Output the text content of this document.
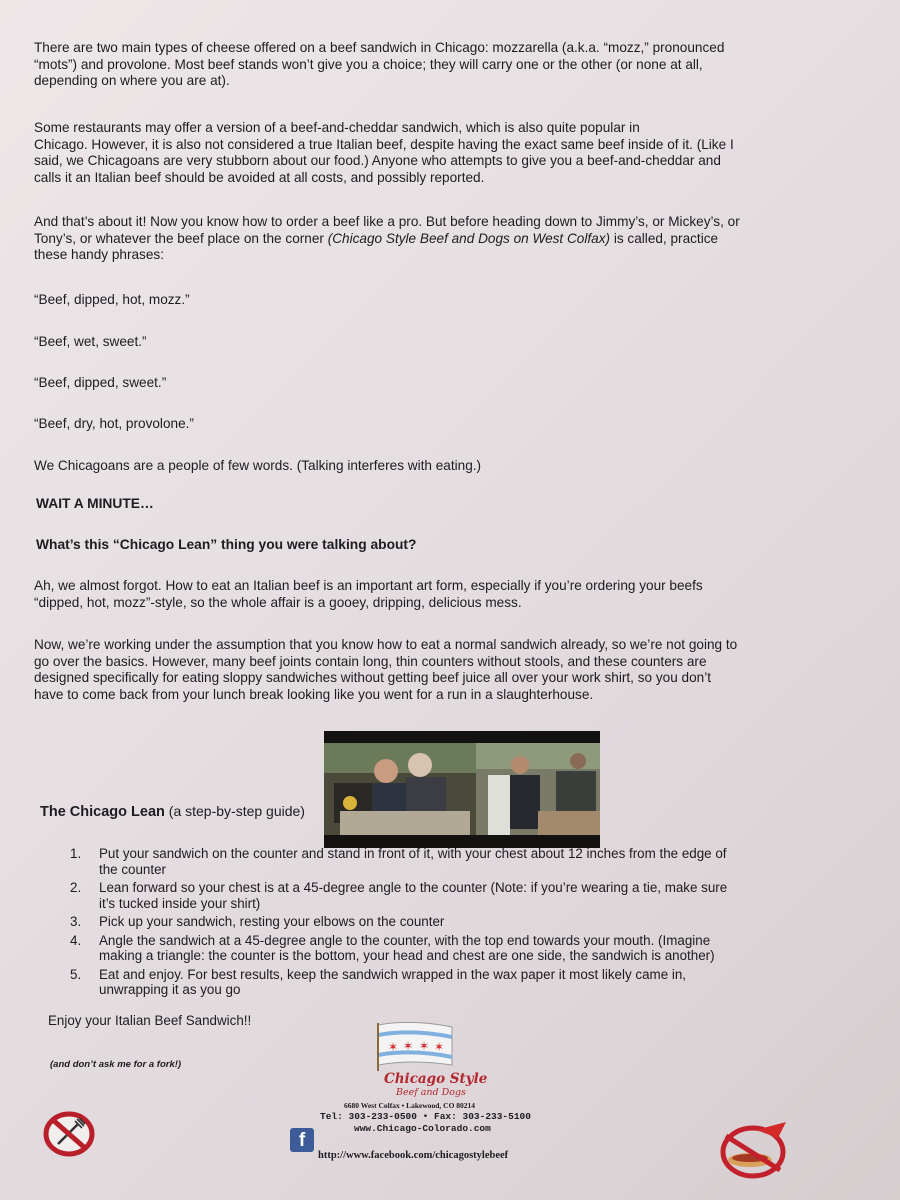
There are two main types of cheese offered on a beef sandwich in Chicago: mozzarella (a.k.a. “mozz,” pronounced
“mots”) and provolone. Most beef stands won’t give you a choice; they will carry one or the other (or none at all,
depending on where you are at).
Some restaurants may offer a version of a beef-and-cheddar sandwich, which is also quite popular in
Chicago. However, it is also not considered a true Italian beef, despite having the exact same beef inside of it. (Like I
said, we Chicagoans are very stubborn about our food.) Anyone who attempts to give you a beef-and-cheddar and
calls it an Italian beef should be avoided at all costs, and possibly reported.
And that’s about it! Now you know how to order a beef like a pro. But before heading down to Jimmy’s, or Mickey’s, or
Tony’s, or whatever the beef place on the corner (Chicago Style Beef and Dogs on West Colfax) is called, practice
these handy phrases:
“Beef, dipped, hot, mozz.”
“Beef, wet, sweet.”
“Beef, dipped, sweet.”
“Beef, dry, hot, provolone.”
We Chicagoans are a people of few words. (Talking interferes with eating.)
WAIT A MINUTE…
What’s this “Chicago Lean” thing you were talking about?
Ah, we almost forgot. How to eat an Italian beef is an important art form, especially if you’re ordering your beefs
“dipped, hot, mozz”-style, so the whole affair is a gooey, dripping, delicious mess.
Now, we’re working under the assumption that you know how to eat a normal sandwich already, so we’re not going to
go over the basics. However, many beef joints contain long, thin counters without stools, and these counters are
designed specifically for eating sloppy sandwiches without getting beef juice all over your work shirt, so you don’t
have to come back from your lunch break looking like you went for a run in a slaughterhouse.
The Chicago Lean (a step-by-step guide)
1. Put your sandwich on the counter and stand in front of it, with your chest about 12 inches from the edge of
the counter
2. Lean forward so your chest is at a 45-degree angle to the counter (Note: if you’re wearing a tie, make sure
it’s tucked inside your shirt)
3. Pick up your sandwich, resting your elbows on the counter
4. Angle the sandwich at a 45-degree angle to the counter, with the top end towards your mouth. (Imagine
making a triangle: the counter is the bottom, your head and chest are one side, the sandwich is another)
5. Eat and enjoy. For best results, keep the sandwich wrapped in the wax paper it most likely came in,
unwrapping it as you go
Enjoy your Italian Beef Sandwich!!
(and don’t ask me for a fork!)
✶ ✶ ✶ ✶
Chicago Style
Beef and Dogs
6680 West Colfax • Lakewood, CO 80214
Tel: 303-233-0500 • Fax: 303-233-5100
www.Chicago-Colorado.com
f
http://www.facebook.com/chicagostylebeef
